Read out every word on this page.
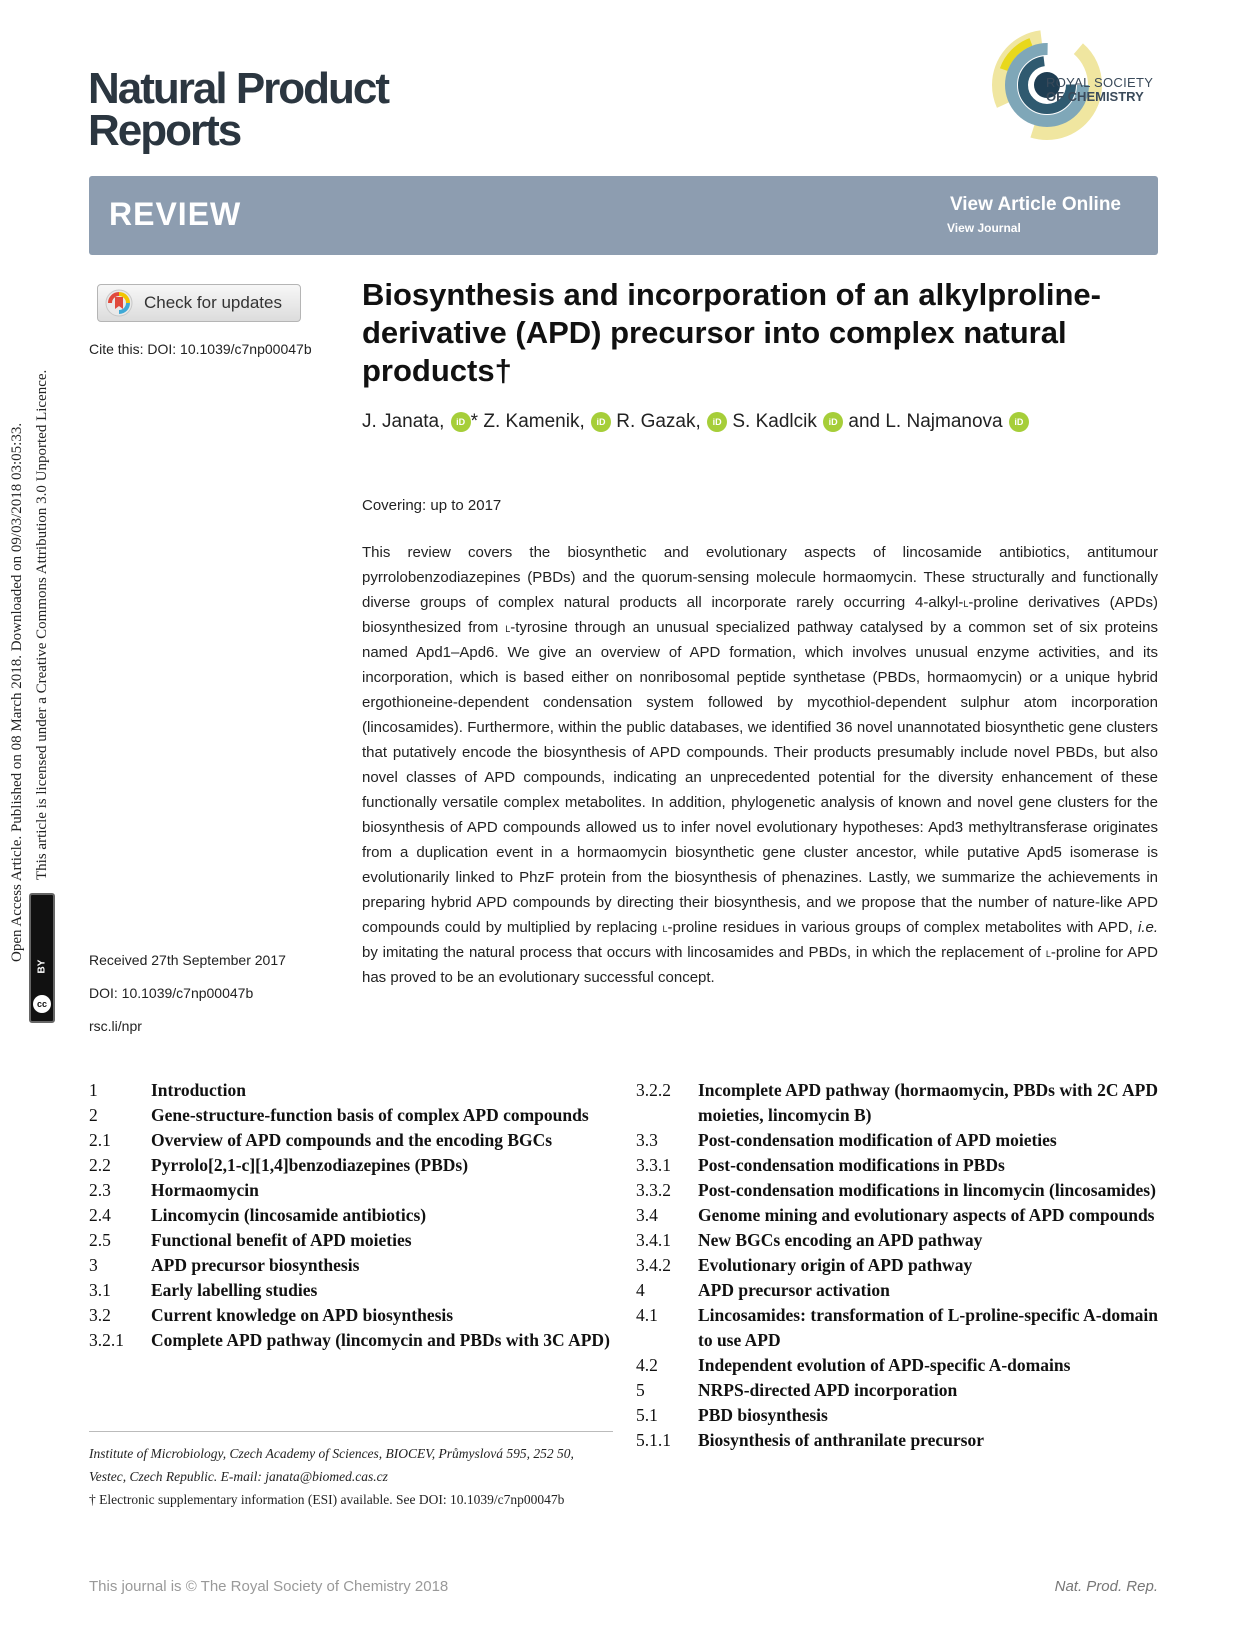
Natural Product
Reports
ROYAL SOCIETY
OF CHEMISTRY
REVIEW	View Article Online
View Journal
Check for updates
Cite this: DOI: 10.1039/c7np00047b
Open Access Article. Published on 08 March 2018. Downloaded on 09/03/2018 03:05:33. This article is licensed under a Creative Commons Attribution 3.0 Unported Licence.
BY
cc
Biosynthesis and incorporation of an alkylproline-derivative (APD) precursor into complex natural products†
J. Janata, iD * Z. Kamenik, iD R. Gazak, iD S. Kadlcik iD and L. Najmanova iD
Covering: up to 2017
This review covers the biosynthetic and evolutionary aspects of lincosamide antibiotics, antitumour pyrrolobenzodiazepines (PBDs) and the quorum-sensing molecule hormaomycin. These structurally and functionally diverse groups of complex natural products all incorporate rarely occurring 4-alkyl-l-proline derivatives (APDs) biosynthesized from l-tyrosine through an unusual specialized pathway catalysed by a common set of six proteins named Apd1–Apd6. We give an overview of APD formation, which involves unusual enzyme activities, and its incorporation, which is based either on nonribosomal peptide synthetase (PBDs, hormaomycin) or a unique hybrid ergothioneine-dependent condensation system followed by mycothiol-dependent sulphur atom incorporation (lincosamides). Furthermore, within the public databases, we identified 36 novel unannotated biosynthetic gene clusters that putatively encode the biosynthesis of APD compounds. Their products presumably include novel PBDs, but also novel classes of APD compounds, indicating an unprecedented potential for the diversity enhancement of these functionally versatile complex metabolites. In addition, phylogenetic analysis of known and novel gene clusters for the biosynthesis of APD compounds allowed us to infer novel evolutionary hypotheses: Apd3 methyltransferase originates from a duplication event in a hormaomycin biosynthetic gene cluster ancestor, while putative Apd5 isomerase is evolutionarily linked to PhzF protein from the biosynthesis of phenazines. Lastly, we summarize the achievements in preparing hybrid APD compounds by directing their biosynthesis, and we propose that the number of nature-like APD compounds could by multiplied by replacing l-proline residues in various groups of complex metabolites with APD, i.e. by imitating the natural process that occurs with lincosamides and PBDs, in which the replacement of l-proline for APD has proved to be an evolutionary successful concept.
Received 27th September 2017
DOI: 10.1039/c7np00047b
rsc.li/npr
1	Introduction
2	Gene-structure-function basis of complex APD compounds
2.1	Overview of APD compounds and the encoding BGCs
2.2	Pyrrolo[2,1-c][1,4]benzodiazepines (PBDs)
2.3	Hormaomycin
2.4	Lincomycin (lincosamide antibiotics)
2.5	Functional benefit of APD moieties
3	APD precursor biosynthesis
3.1	Early labelling studies
3.2	Current knowledge on APD biosynthesis
3.2.1	Complete APD pathway (lincomycin and PBDs with 3C APD)
3.2.2	Incomplete APD pathway (hormaomycin, PBDs with 2C APD moieties, lincomycin B)
3.3	Post-condensation modification of APD moieties
3.3.1	Post-condensation modifications in PBDs
3.3.2	Post-condensation modifications in lincomycin (lincosamides)
3.4	Genome mining and evolutionary aspects of APD compounds
3.4.1	New BGCs encoding an APD pathway
3.4.2	Evolutionary origin of APD pathway
4	APD precursor activation
4.1	Lincosamides: transformation of L-proline-specific A-domain to use APD
4.2	Independent evolution of APD-specific A-domains
5	NRPS-directed APD incorporation
5.1	PBD biosynthesis
5.1.1	Biosynthesis of anthranilate precursor
Institute of Microbiology, Czech Academy of Sciences, BIOCEV, Průmyslová 595, 252 50, Vestec, Czech Republic. E-mail: janata@biomed.cas.cz
† Electronic supplementary information (ESI) available. See DOI: 10.1039/c7np00047b
This journal is © The Royal Society of Chemistry 2018	Nat. Prod. Rep.
